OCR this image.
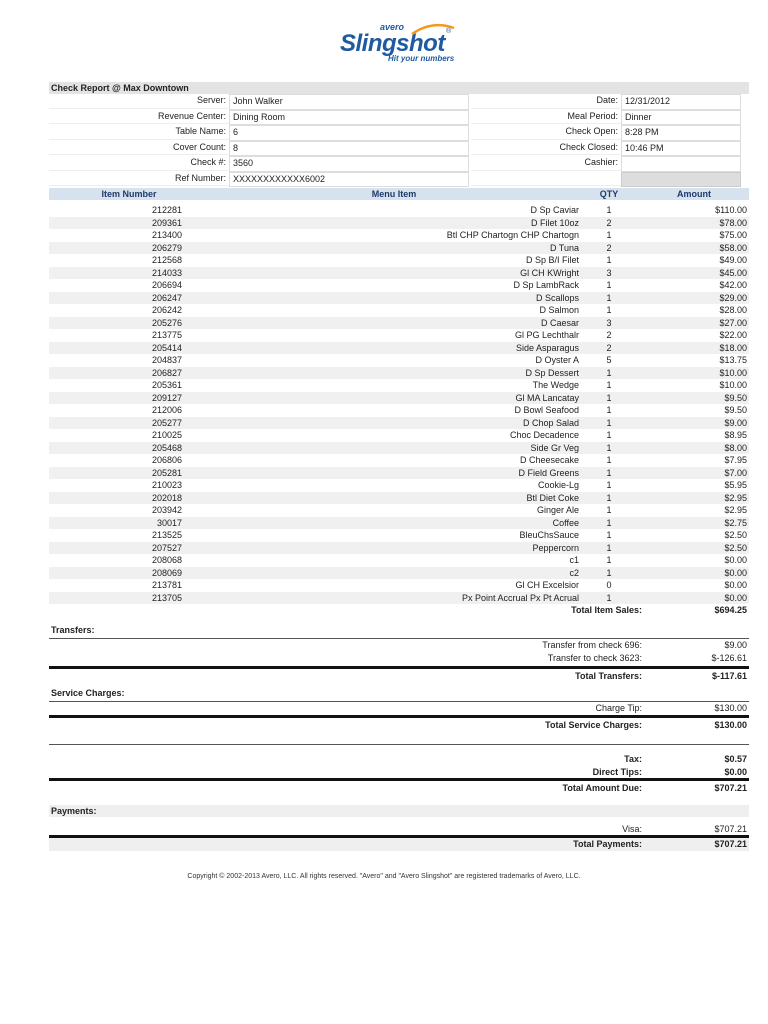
avero
Slingshot ®
Hit your numbers
Check Report @ Max Downtown
Server: John Walker	Date: 12/31/2012
Revenue Center: Dining Room	Meal Period: Dinner
Table Name: 6	Check Open: 8:28 PM
Cover Count: 8	Check Closed: 10:46 PM
Check #: 3560	Cashier:
Ref Number: XXXXXXXXXXXX6002
Item Number	Menu Item	QTY	Amount
212281	D Sp Caviar	1	$110.00
209361	D Filet 10oz	2	$78.00
213400	Btl CHP Chartogn CHP Chartogn	1	$75.00
206279	D Tuna	2	$58.00
212568	D Sp B/I Filet	1	$49.00
214033	Gl CH KWright	3	$45.00
206694	D Sp LambRack	1	$42.00
206247	D Scallops	1	$29.00
206242	D Salmon	1	$28.00
205276	D Caesar	3	$27.00
213775	Gl PG Lechthalr	2	$22.00
205414	Side Asparagus	2	$18.00
204837	D Oyster A	5	$13.75
206827	D Sp Dessert	1	$10.00
205361	The Wedge	1	$10.00
209127	Gl MA Lancatay	1	$9.50
212006	D Bowl Seafood	1	$9.50
205277	D Chop Salad	1	$9.00
210025	Choc Decadence	1	$8.95
205468	Side Gr Veg	1	$8.00
206806	D Cheesecake	1	$7.95
205281	D Field Greens	1	$7.00
210023	Cookie-Lg	1	$5.95
202018	Btl Diet Coke	1	$2.95
203942	Ginger Ale	1	$2.95
30017	Coffee	1	$2.75
213525	BleuChsSauce	1	$2.50
207527	Peppercorn	1	$2.50
208068	c1	1	$0.00
208069	c2	1	$0.00
213781	Gl CH Excelsior	0	$0.00
213705	Px Point Accrual Px Pt Acrual	1	$0.00
Total Item Sales:	$694.25
Transfers:
Transfer from check 696:	$9.00
Transfer to check 3623:	$-126.61
Total Transfers:	$-117.61
Service Charges:
Charge Tip:	$130.00
Total Service Charges:	$130.00
Tax:	$0.57
Direct Tips:	$0.00
Total Amount Due:	$707.21
Payments:
Visa:	$707.21
Total Payments:	$707.21
Copyright © 2002-2013 Avero, LLC. All rights reserved. "Avero" and "Avero Slingshot" are registered trademarks of Avero, LLC.
